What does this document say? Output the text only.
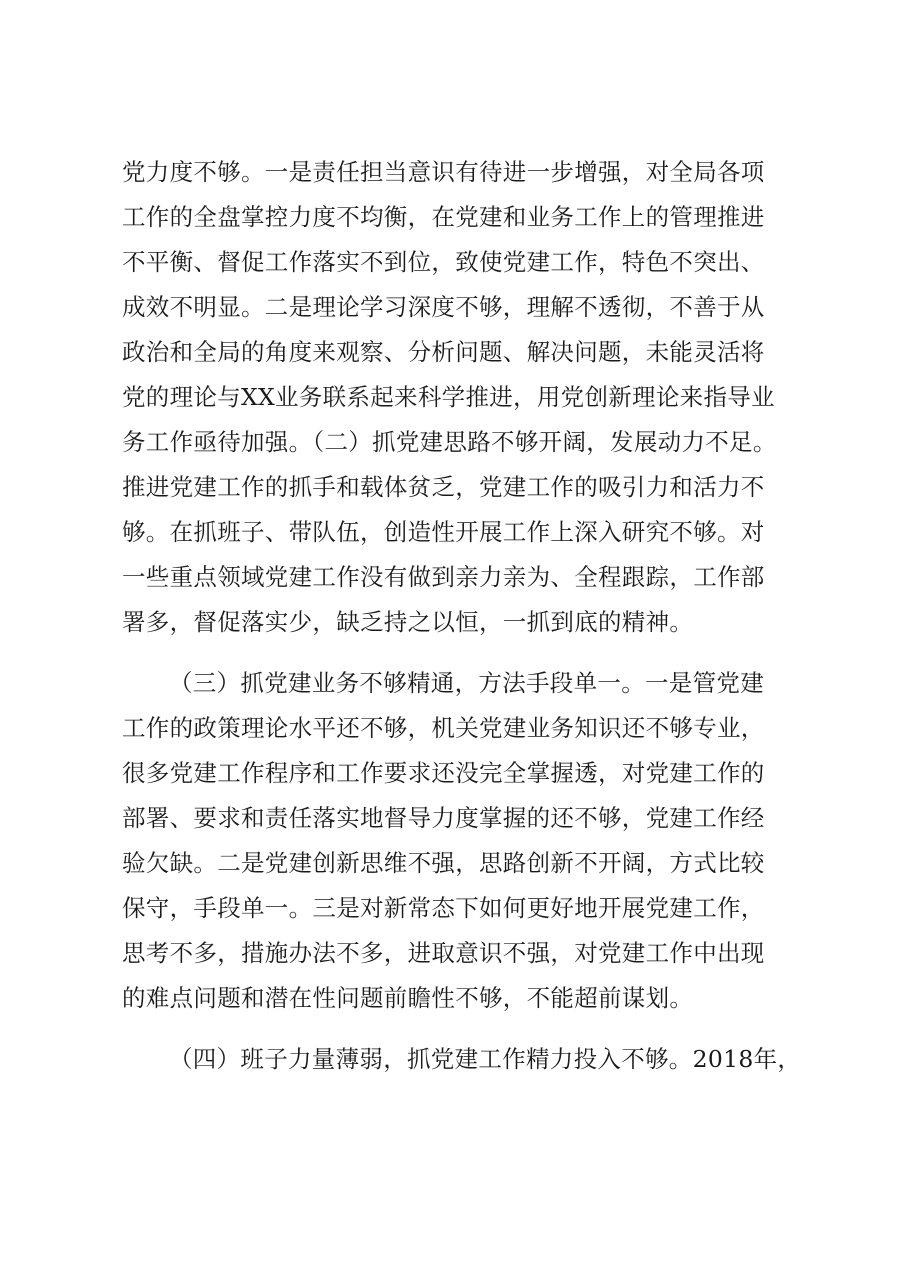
党力度不够。一是责任担当意识有待进一步增强，对全局各项

工作的全盘掌控力度不均衡，在党建和业务工作上的管理推进

不平衡、督促工作落实不到位，致使党建工作，特色不突出、

成效不明显。二是理论学习深度不够，理解不透彻，不善于从

政治和全局的角度来观察、分析问题、解决问题，未能灵活将

党的理论与XX业务联系起来科学推进，用党创新理论来指导业

务工作亟待加强。（二）抓党建思路不够开阔，发展动力不足。

推进党建工作的抓手和载体贫乏，党建工作的吸引力和活力不

够。在抓班子、带队伍，创造性开展工作上深入研究不够。对

一些重点领域党建工作没有做到亲力亲为、全程跟踪，工作部

署多，督促落实少，缺乏持之以恒，一抓到底的精神。

（三）抓党建业务不够精通，方法手段单一。一是管党建

工作的政策理论水平还不够，机关党建业务知识还不够专业，

很多党建工作程序和工作要求还没完全掌握透，对党建工作的

部署、要求和责任落实地督导力度掌握的还不够，党建工作经

验欠缺。二是党建创新思维不强，思路创新不开阔，方式比较

保守，手段单一。三是对新常态下如何更好地开展党建工作，

思考不多，措施办法不多，进取意识不强，对党建工作中出现

的难点问题和潜在性问题前瞻性不够，不能超前谋划。

（四）班子力量薄弱，抓党建工作精力投入不够。2018年，
